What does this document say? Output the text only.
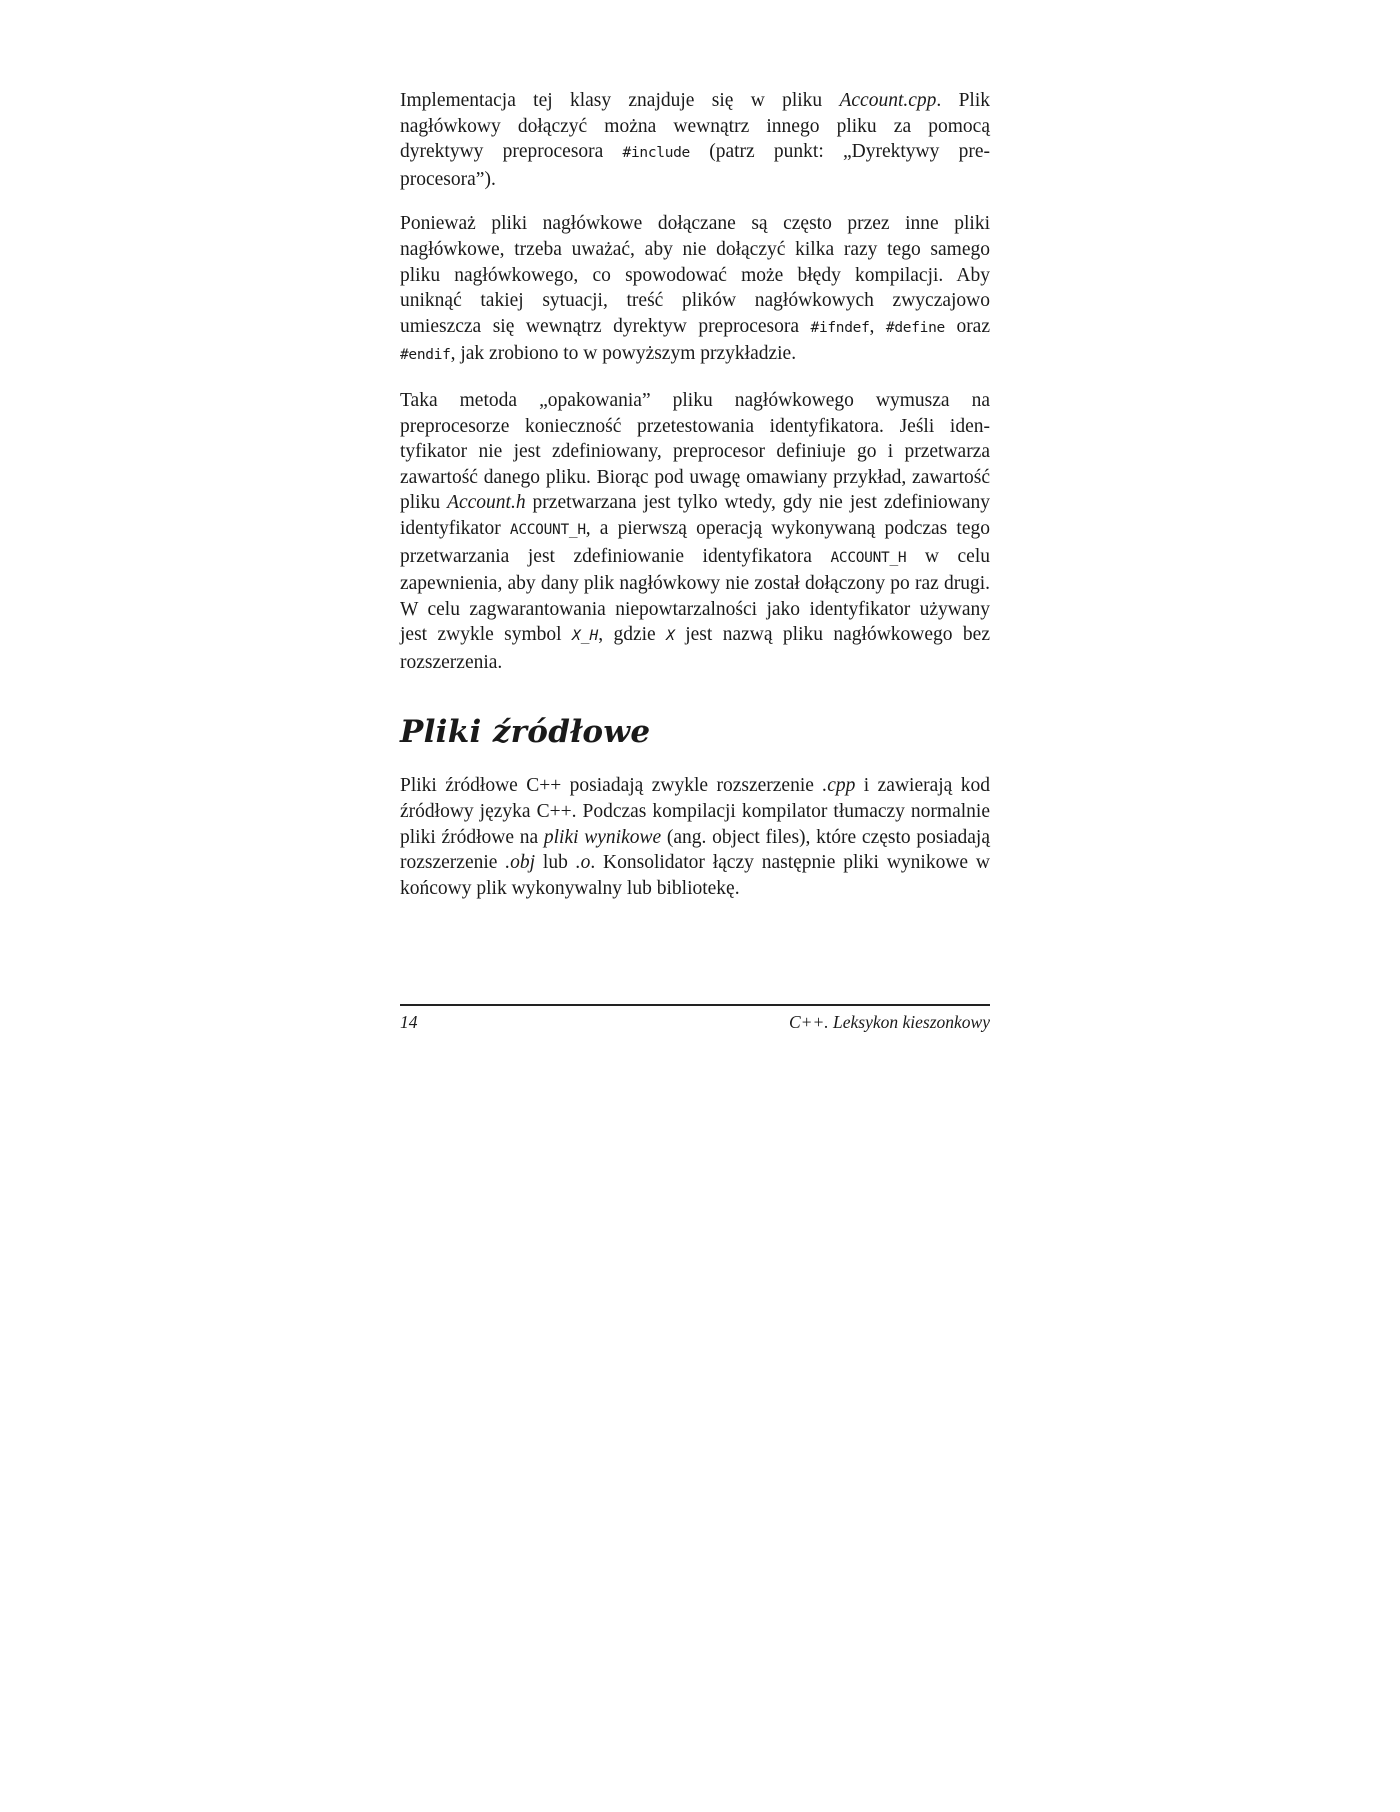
Implementacja tej klasy znajduje się w pliku Account.cpp. Plik nagłówkowy dołączyć można wewnątrz innego pliku za pomocą dyrektywy preprocesora #include (patrz punkt: „Dyrektywy preprocesora”).

Ponieważ pliki nagłówkowe dołączane są często przez inne pliki nagłówkowe, trzeba uważać, aby nie dołączyć kilka razy tego samego pliku nagłówkowego, co spowodować może błędy kompilacji. Aby uniknąć takiej sytuacji, treść plików nagłówkowych zwyczajowo umieszcza się wewnątrz dyrektyw preprocesora #ifndef, #define oraz #endif, jak zrobiono to w powyższym przykładzie.

Taka metoda „opakowania” pliku nagłówkowego wymusza na preprocesorze konieczność przetestowania identyfikatora. Jeśli identyfikator nie jest zdefiniowany, preprocesor definiuje go i przetwarza zawartość danego pliku. Biorąc pod uwagę omawiany przykład, zawartość pliku Account.h przetwarzana jest tylko wtedy, gdy nie jest zdefiniowany identyfikator ACCOUNT_H, a pierwszą operacją wykonywaną podczas tego przetwarzania jest zdefiniowanie identyfikatora ACCOUNT_H w celu zapewnienia, aby dany plik nagłówkowy nie został dołączony po raz drugi. W celu zagwarantowania niepowtarzalności jako identyfikator używany jest zwykle symbol X_H, gdzie X jest nazwą pliku nagłówkowego bez rozszerzenia.

Pliki źródłowe

Pliki źródłowe C++ posiadają zwykle rozszerzenie .cpp i zawierają kod źródłowy języka C++. Podczas kompilacji kompilator tłumaczy normalnie pliki źródłowe na pliki wynikowe (ang. object files), które często posiadają rozszerzenie .obj lub .o. Konsolidator łączy następnie pliki wynikowe w końcowy plik wykonywalny lub bibliotekę.

14	C++. Leksykon kieszonkowy
